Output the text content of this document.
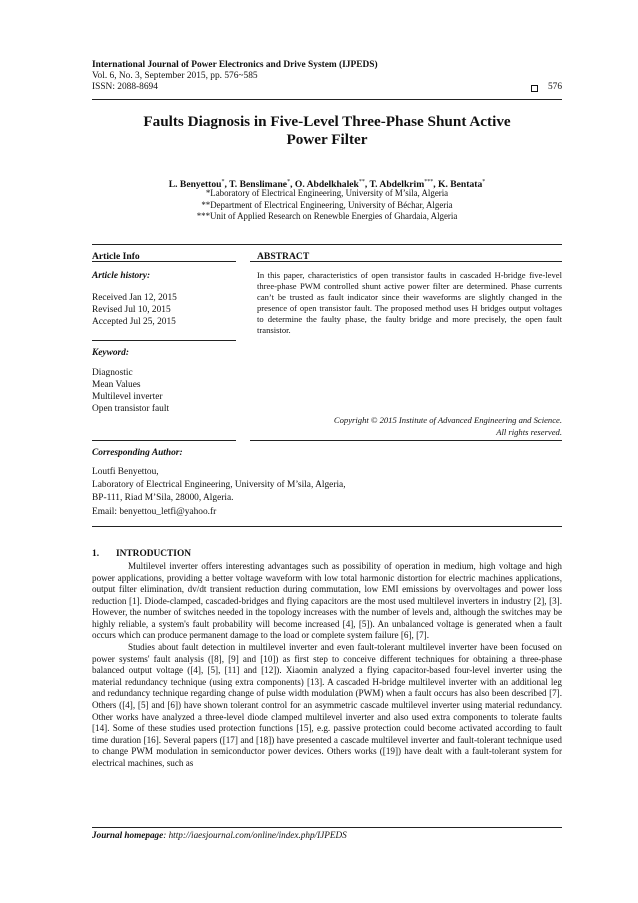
International Journal of Power Electronics and Drive System (IJPEDS)
Vol. 6, No. 3, September 2015, pp. 576~585
ISSN: 2088-8694	576
Faults Diagnosis in Five-Level Three-Phase Shunt Active
Power Filter
L. Benyettou*, T. Benslimane*, O. Abdelkhalek**, T. Abdelkrim***, K. Bentata*
*Laboratory of Electrical Engineering, University of M’sila, Algeria
**Department of Electrical Engineering, University of Béchar, Algeria
***Unit of Applied Research on Renewble Energies of Ghardaia, Algeria
Article Info
Article history:
Received Jan 12, 2015
Revised Jul 10, 2015
Accepted Jul 25, 2015
Keyword:
Diagnostic
Mean Values
Multilevel inverter
Open transistor fault
ABSTRACT
In this paper, characteristics of open transistor faults in cascaded H-bridge five-level three-phase PWM controlled shunt active power filter are determined. Phase currents can’t be trusted as fault indicator since their waveforms are slightly changed in the presence of open transistor fault. The proposed method uses H bridges output voltages to determine the faulty phase, the faulty bridge and more precisely, the open fault transistor.
Copyright © 2015 Institute of Advanced Engineering and Science.
All rights reserved.
Corresponding Author:
Loutfi Benyettou,
Laboratory of Electrical Engineering, University of M’sila, Algeria,
BP-111, Riad M’Sila, 28000, Algeria.
Email: benyettou_letfi@yahoo.fr
1. INTRODUCTION

Multilevel inverter offers interesting advantages such as possibility of operation in medium, high voltage and high power applications, providing a better voltage waveform with low total harmonic distortion for electric machines applications, output filter elimination, dv/dt transient reduction during commutation, low EMI emissions by overvoltages and power loss reduction [1]. Diode-clamped, cascaded-bridges and flying capacitors are the most used multilevel inverters in industry [2], [3]. However, the number of switches needed in the topology increases with the number of levels and, although the switches may be highly reliable, a system's fault probability will become increased [4], [5]). An unbalanced voltage is generated when a fault occurs which can produce permanent damage to the load or complete system failure [6], [7].

Studies about fault detection in multilevel inverter and even fault-tolerant multilevel inverter have been focused on power systems' fault analysis ([8], [9] and [10]) as first step to conceive different techniques for obtaining a three-phase balanced output voltage ([4], [5], [11] and [12]). Xiaomin analyzed a flying capacitor-based four-level inverter using the material redundancy technique (using extra components) [13]. A cascaded H-bridge multilevel inverter with an additional leg and redundancy technique regarding change of pulse width modulation (PWM) when a fault occurs has also been described [7]. Others ([4], [5] and [6]) have shown tolerant control for an asymmetric cascade multilevel inverter using material redundancy. Other works have analyzed a three-level diode clamped multilevel inverter and also used extra components to tolerate faults [14]. Some of these studies used protection functions [15], e.g. passive protection could become activated according to fault time duration [16]. Several papers ([17] and [18]) have presented a cascade multilevel inverter and fault-tolerant technique used to change PWM modulation in semiconductor power devices. Others works ([19]) have dealt with a fault-tolerant system for electrical machines, such as

Journal homepage: http://iaesjournal.com/online/index.php/IJPEDS
